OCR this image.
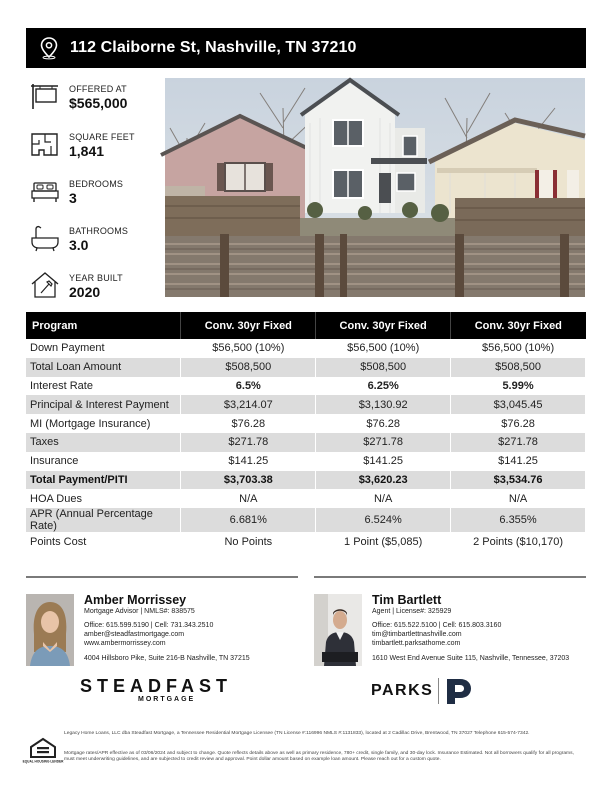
112 Claiborne St, Nashville, TN 37210
OFFERED AT
$565,000
SQUARE FEET
1,841
BEDROOMS
3
BATHROOMS
3.0
YEAR BUILT
2020
Program	Conv. 30yr Fixed	Conv. 30yr Fixed	Conv. 30yr Fixed
Down Payment	$56,500 (10%)	$56,500 (10%)	$56,500 (10%)
Total Loan Amount	$508,500	$508,500	$508,500
Interest Rate	6.5%	6.25%	5.99%
Principal & Interest Payment	$3,214.07	$3,130.92	$3,045.45
MI (Mortgage Insurance)	$76.28	$76.28	$76.28
Taxes	$271.78	$271.78	$271.78
Insurance	$141.25	$141.25	$141.25
Total Payment/PITI	$3,703.38	$3,620.23	$3,534.76
HOA Dues	N/A	N/A	N/A
APR (Annual Percentage Rate)	6.681%	6.524%	6.355%
Points Cost	No Points	1 Point ($5,085)	2 Points ($10,170)
Amber Morrissey
Mortgage Advisor | NMLS#: 838575
Office: 615.599.5190 | Cell: 731.343.2510
amber@steadfastmortgage.com
www.ambermorrissey.com
4004 Hillsboro Pike, Suite 216-B Nashville, TN 37215
STEADFAST
MORTGAGE
Tim Bartlett
Agent | License#: 325929
Office: 615.522.5100 | Cell: 615.803.3160
tim@timbartlettnashville.com
timbartlett.parksathome.com
1610 West End Avenue Suite 115, Nashville, Tennessee, 37203
PARKS
EQUAL HOUSING LENDER
Legacy Home Loans, LLC dba Steadfast Mortgage, a Tennessee Residential Mortgage Licensee (TN License #:116996 NMLS #:1131833), located at 2 Cadillac Drive, Brentwood, TN 37027 Telephone 615-574-7342.
Mortgage rates/APR effective as of 03/06/2024 and subject to change. Quote reflects details above as well as primary residence, 780+ credit, single family, and 30-day lock. Insurance Estimated. Not all borrowers qualify for all programs, must meet underwriting guidelines, and are subjected to credit review and approval. Point dollar amount based on example loan amount. Please reach out for a custom quote.
